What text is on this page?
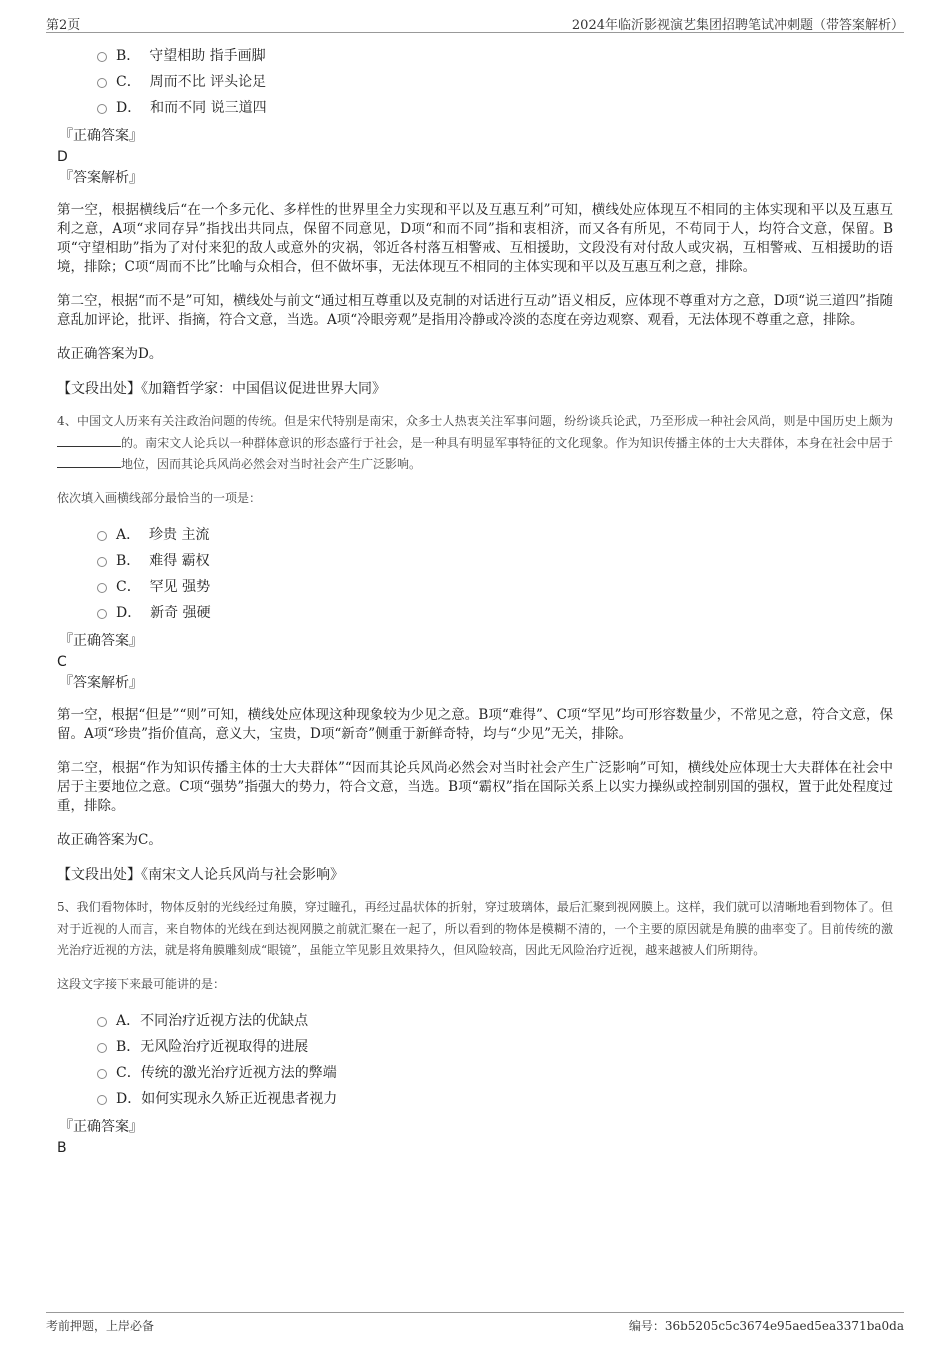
第2页	2024年临沂影视演艺集团招聘笔试冲刺题（带答案解析）
B． 守望相助 指手画脚
C． 周而不比 评头论足
D． 和而不同 说三道四
『正确答案』
D
『答案解析』

第一空，根据横线后“在一个多元化、多样性的世界里全力实现和平以及互惠互利”可知，横线处应体现互不相同的主体实现和平以及互惠互利之意，A项“求同存异”指找出共同点，保留不同意见，D项“和而不同”指和衷相济，而又各有所见，不苟同于人，均符合文意，保留。B项“守望相助”指为了对付来犯的敌人或意外的灾祸，邻近各村落互相警戒、互相援助，文段没有对付敌人或灾祸，互相警戒、互相援助的语境，排除；C项“周而不比”比喻与众相合，但不做坏事，无法体现互不相同的主体实现和平以及互惠互利之意，排除。

第二空，根据“而不是”可知，横线处与前文“通过相互尊重以及克制的对话进行互动”语义相反，应体现不尊重对方之意，D项“说三道四”指随意乱加评论，批评、指摘，符合文意，当选。A项“冷眼旁观”是指用冷静或冷淡的态度在旁边观察、观看，无法体现不尊重之意，排除。

故正确答案为D。

【文段出处】《加籍哲学家：中国倡议促进世界大同》

4、中国文人历来有关注政治问题的传统。但是宋代特别是南宋，众多士人热衷关注军事问题，纷纷谈兵论武，乃至形成一种社会风尚，则是中国历史上颇为的。南宋文人论兵以一种群体意识的形态盛行于社会，是一种具有明显军事特征的文化现象。作为知识传播主体的士大夫群体，本身在社会中居于地位，因而其论兵风尚必然会对当时社会产生广泛影响。

依次填入画横线部分最恰当的一项是：

A． 珍贵 主流
B． 难得 霸权
C． 罕见 强势
D． 新奇 强硬
『正确答案』
C
『答案解析』

第一空，根据“但是”“则”可知，横线处应体现这种现象较为少见之意。B项“难得”、C项“罕见”均可形容数量少，不常见之意，符合文意，保留。A项“珍贵”指价值高，意义大，宝贵，D项“新奇”侧重于新鲜奇特，均与“少见”无关，排除。

第二空，根据“作为知识传播主体的士大夫群体”“因而其论兵风尚必然会对当时社会产生广泛影响”可知，横线处应体现士大夫群体在社会中居于主要地位之意。C项“强势”指强大的势力，符合文意，当选。B项“霸权”指在国际关系上以实力操纵或控制别国的强权，置于此处程度过重，排除。

故正确答案为C。

【文段出处】《南宋文人论兵风尚与社会影响》

5、我们看物体时，物体反射的光线经过角膜，穿过瞳孔，再经过晶状体的折射，穿过玻璃体，最后汇聚到视网膜上。这样，我们就可以清晰地看到物体了。但对于近视的人而言，来自物体的光线在到达视网膜之前就汇聚在一起了，所以看到的物体是模糊不清的，一个主要的原因就是角膜的曲率变了。目前传统的激光治疗近视的方法，就是将角膜雕刻成“眼镜”，虽能立竿见影且效果持久，但风险较高，因此无风险治疗近视，越来越被人们所期待。

这段文字接下来最可能讲的是：

A．不同治疗近视方法的优缺点
B．无风险治疗近视取得的进展
C．传统的激光治疗近视方法的弊端
D．如何实现永久矫正近视患者视力
『正确答案』
B
考前押题，上岸必备	编号：36b5205c5c3674e95aed5ea3371ba0da
